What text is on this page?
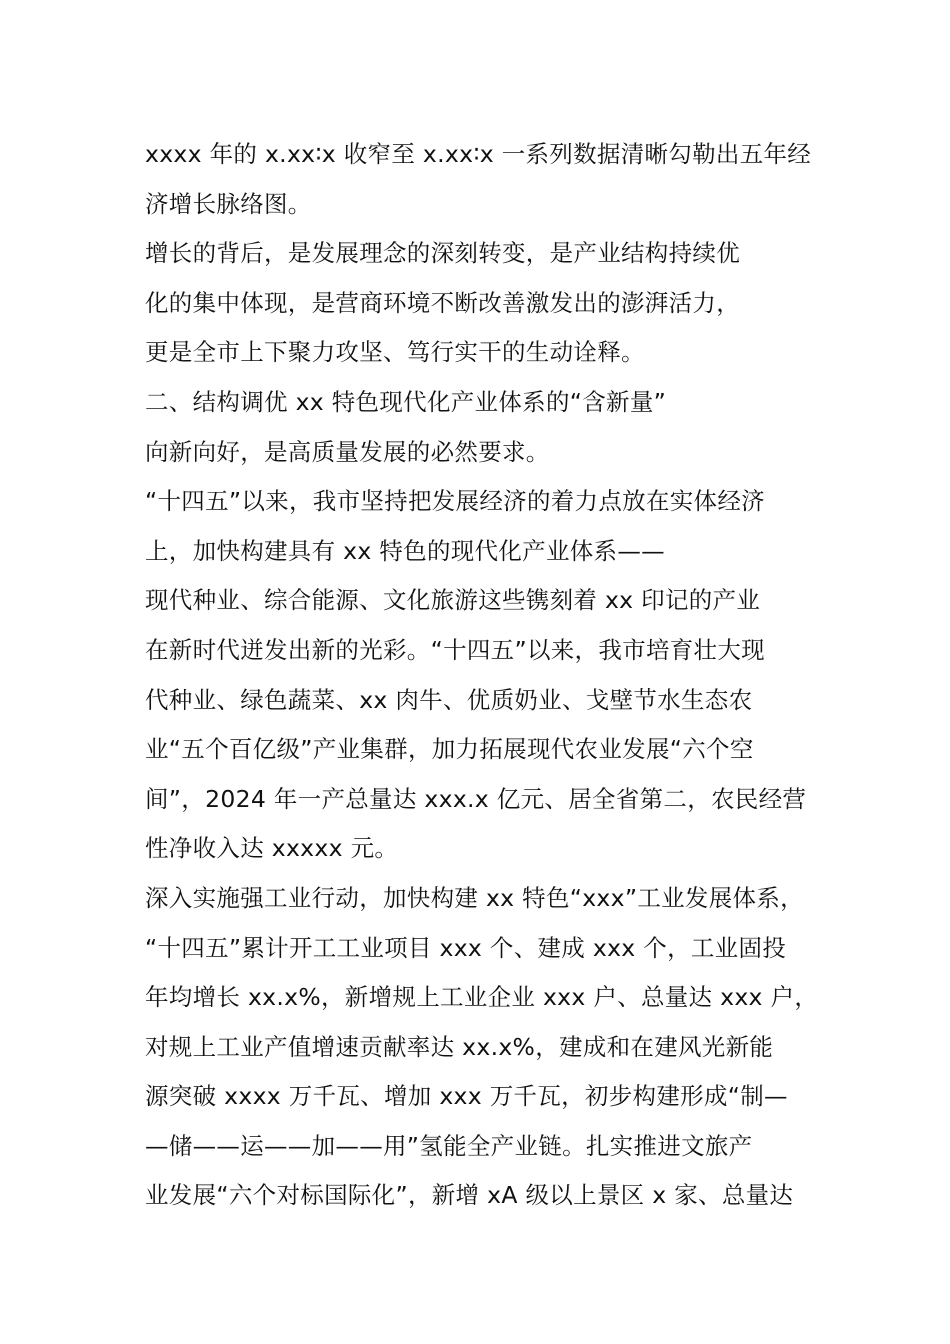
xxxx 年的 x.xx∶x 收窄至 x.xx∶x 一系列数据清晰勾勒出五年经
济增长脉络图。
增长的背后，是发展理念的深刻转变，是产业结构持续优
化的集中体现，是营商环境不断改善激发出的澎湃活力，
更是全市上下聚力攻坚、笃行实干的生动诠释。
二、结构调优 xx 特色现代化产业体系的“含新量”
向新向好，是高质量发展的必然要求。
“十四五”以来，我市坚持把发展经济的着力点放在实体经济
上，加快构建具有 xx 特色的现代化产业体系——
现代种业、综合能源、文化旅游这些镌刻着 xx 印记的产业
在新时代迸发出新的光彩。“十四五”以来，我市培育壮大现
代种业、绿色蔬菜、xx 肉牛、优质奶业、戈壁节水生态农
业“五个百亿级”产业集群，加力拓展现代农业发展“六个空
间”，2024 年一产总量达 xxx.x 亿元、居全省第二，农民经营
性净收入达 xxxxx 元。
深入实施强工业行动，加快构建 xx 特色“xxx”工业发展体系，
“十四五”累计开工工业项目 xxx 个、建成 xxx 个，工业固投
年均增长 xx.x%，新增规上工业企业 xxx 户、总量达 xxx 户，
对规上工业产值增速贡献率达 xx.x%，建成和在建风光新能
源突破 xxxx 万千瓦、增加 xxx 万千瓦，初步构建形成“制—
—储——运——加——用”氢能全产业链。扎实推进文旅产
业发展“六个对标国际化”，新增 xA 级以上景区 x 家、总量达
